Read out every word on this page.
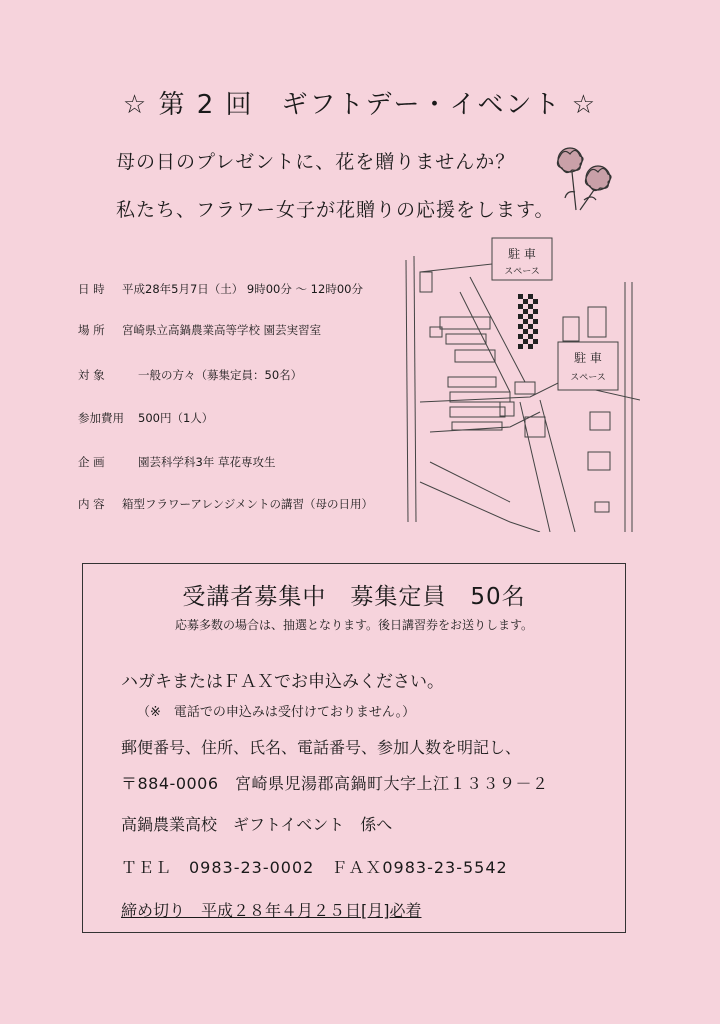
☆ 第 2 回　ギフトデー・イベント ☆
母の日のプレゼントに、花を贈りませんか？
私たち、フラワー女子が花贈りの応援をします。
日 時 平成28年5月7日（土） 9時00分 ～ 12時00分
場 所 宮崎県立高鍋農業高等学校 園芸実習室
対 象	一般の方々（募集定員：50名）
参加費用 500円（1人）
企 画	園芸科学科3年 草花専攻生
内 容 箱型フラワーアレンジメントの講習（母の日用）
駐 車
スペース
駐 車
スペース
受講者募集中　募集定員　50名
応募多数の場合は、抽選となります。後日講習券をお送りします。
ハガキまたはＦＡＸでお申込みください。
（※　電話での申込みは受付けておりません。）
郵便番号、住所、氏名、電話番号、参加人数を明記し、
〒884-0006　宮崎県児湯郡高鍋町大字上江１３３９－２
高鍋農業高校　ギフトイベント　係へ
ＴＥＬ　0983-23-0002　ＦＡＸ0983-23-5542
締め切り　平成２８年４月２５日[月]必着
